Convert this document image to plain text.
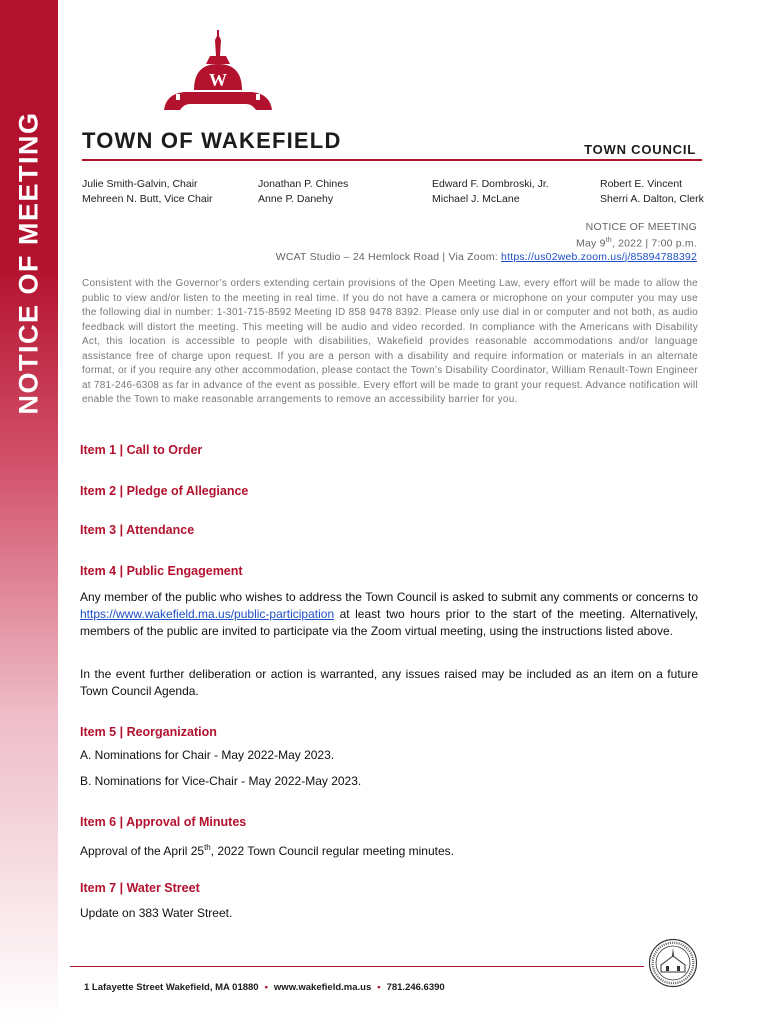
NOTICE OF MEETING
W
TOWN OF WAKEFIELD	TOWN COUNCIL
Julie Smith-Galvin, Chair
Mehreen N. Butt, Vice Chair
Jonathan P. Chines
Anne P. Danehy
Edward F. Dombroski, Jr.
Michael J. McLane
Robert E. Vincent
Sherri A. Dalton, Clerk
NOTICE OF MEETING
May 9th, 2022 | 7:00 p.m.
WCAT Studio – 24 Hemlock Road | Via Zoom: https://us02web.zoom.us/j/85894788392
Consistent with the Governor’s orders extending certain provisions of the Open Meeting Law, every effort will be made to allow the public to view and/or listen to the meeting in real time. If you do not have a camera or microphone on your computer you may use the following dial in number: 1-301-715-8592 Meeting ID 858 9478 8392. Please only use dial in or computer and not both, as audio feedback will distort the meeting. This meeting will be audio and video recorded. In compliance with the Americans with Disability Act, this location is accessible to people with disabilities, Wakefield provides reasonable accommodations and/or language assistance free of charge upon request. If you are a person with a disability and require information or materials in an alternate format, or if you require any other accommodation, please contact the Town’s Disability Coordinator, William Renault-Town Engineer at 781-246-6308 as far in advance of the event as possible. Every effort will be made to grant your request. Advance notification will enable the Town to make reasonable arrangements to remove an accessibility barrier for you.
Item 1 | Call to Order
Item 2 | Pledge of Allegiance
Item 3 | Attendance
Item 4 | Public Engagement
Any member of the public who wishes to address the Town Council is asked to submit any comments or concerns to https://www.wakefield.ma.us/public-participation at least two hours prior to the start of the meeting. Alternatively, members of the public are invited to participate via the Zoom virtual meeting, using the instructions listed above.
In the event further deliberation or action is warranted, any issues raised may be included as an item on a future Town Council Agenda.
Item 5 | Reorganization
A. Nominations for Chair - May 2022-May 2023.
B. Nominations for Vice-Chair - May 2022-May 2023.
Item 6 | Approval of Minutes
Approval of the April 25th, 2022 Town Council regular meeting minutes.
Item 7 | Water Street
Update on 383 Water Street.
1 Lafayette Street Wakefield, MA 01880 • www.wakefield.ma.us • 781.246.6390
